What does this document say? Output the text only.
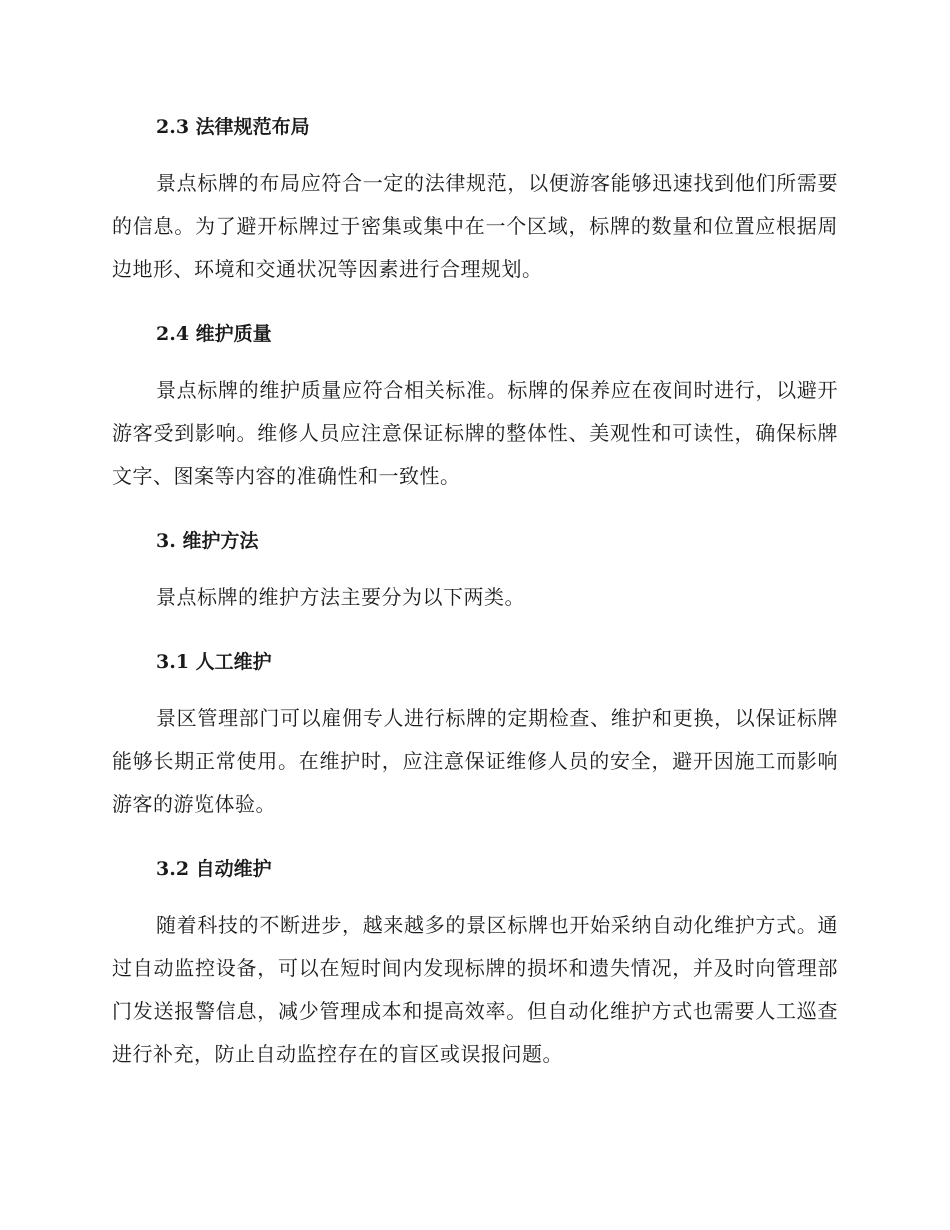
2.3 法律规范布局

景点标牌的布局应符合一定的法律规范，以便游客能够迅速找到他们所需要的信息。为了避开标牌过于密集或集中在一个区域，标牌的数量和位置应根据周边地形、环境和交通状况等因素进行合理规划。

2.4 维护质量

景点标牌的维护质量应符合相关标准。标牌的保养应在夜间时进行，以避开游客受到影响。维修人员应注意保证标牌的整体性、美观性和可读性，确保标牌文字、图案等内容的准确性和一致性。

3. 维护方法

景点标牌的维护方法主要分为以下两类。

3.1 人工维护

景区管理部门可以雇佣专人进行标牌的定期检查、维护和更换，以保证标牌能够长期正常使用。在维护时，应注意保证维修人员的安全，避开因施工而影响游客的游览体验。

3.2 自动维护

随着科技的不断进步，越来越多的景区标牌也开始采纳自动化维护方式。通过自动监控设备，可以在短时间内发现标牌的损坏和遗失情况，并及时向管理部门发送报警信息，减少管理成本和提高效率。但自动化维护方式也需要人工巡查进行补充，防止自动监控存在的盲区或误报问题。
